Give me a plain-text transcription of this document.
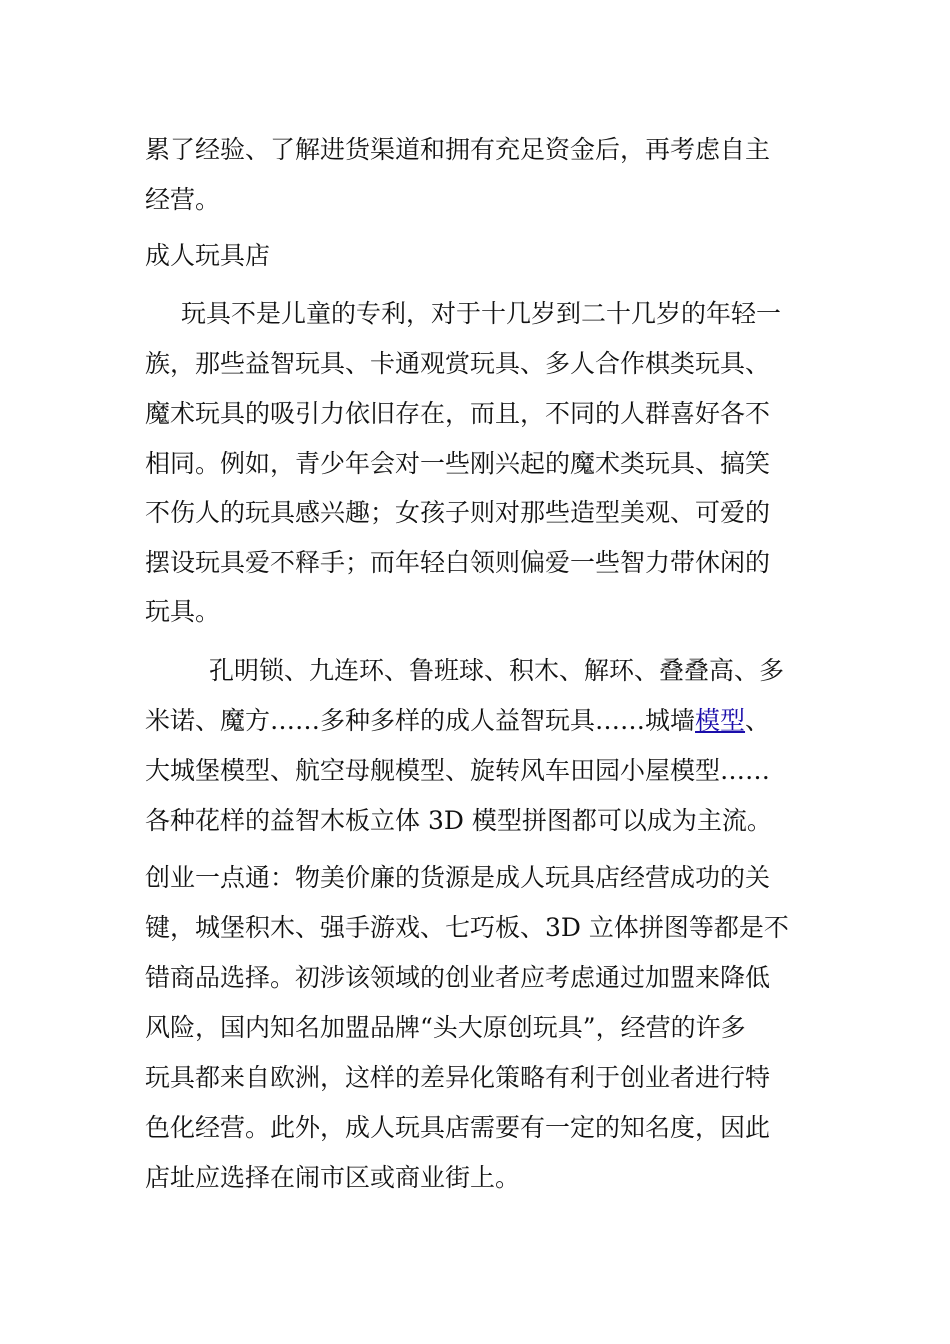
累了经验、了解进货渠道和拥有充足资金后，再考虑自主
经营。
成人玩具店
玩具不是儿童的专利，对于十几岁到二十几岁的年轻一
族，那些益智玩具、卡通观赏玩具、多人合作棋类玩具、
魔术玩具的吸引力依旧存在，而且，不同的人群喜好各不
相同。例如，青少年会对一些刚兴起的魔术类玩具、搞笑
不伤人的玩具感兴趣；女孩子则对那些造型美观、可爱的
摆设玩具爱不释手；而年轻白领则偏爱一些智力带休闲的
玩具。
孔明锁、九连环、鲁班球、积木、解环、叠叠高、多
米诺、魔方……多种多样的成人益智玩具……城墙模型、
大城堡模型、航空母舰模型、旋转风车田园小屋模型……
各种花样的益智木板立体 3D 模型拼图都可以成为主流。
创业一点通：物美价廉的货源是成人玩具店经营成功的关
键，城堡积木、强手游戏、七巧板、3D 立体拼图等都是不
错商品选择。初涉该领域的创业者应考虑通过加盟来降低
风险，国内知名加盟品牌“头大原创玩具”，经营的许多
玩具都来自欧洲，这样的差异化策略有利于创业者进行特
色化经营。此外，成人玩具店需要有一定的知名度，因此
店址应选择在闹市区或商业街上。
